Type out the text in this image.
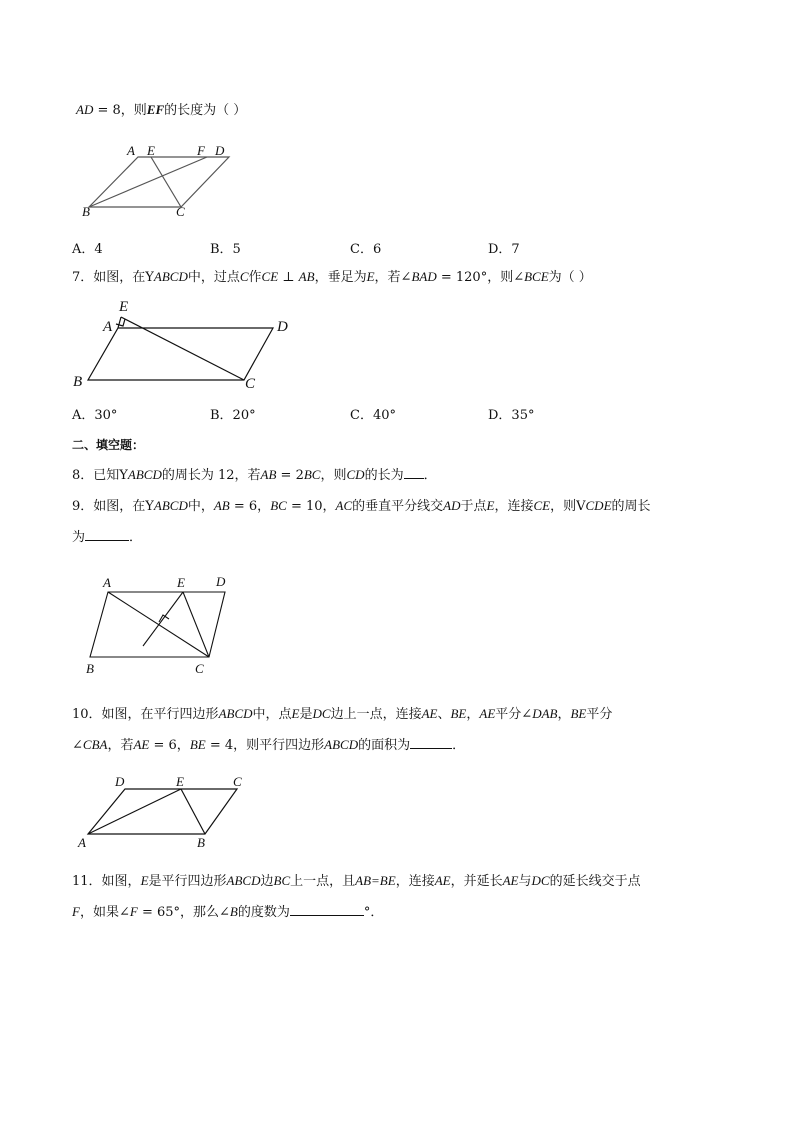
AD = 8，则EF的长度为（ ）
A E	F D
B	C
A．4	B．5	C．6	D．7
7．如图，在YABCD中，过点C作CE ⊥ AB，垂足为E，若∠BAD = 120°，则∠BCE为（ ）
E
A	D
B	C
A．30°	B．20°	C．40°	D．35°
二、填空题：
8．已知YABCD的周长为 12，若AB = 2BC，则CD的长为 ．
9．如图，在YABCD中，AB = 6，BC = 10，AC的垂直平分线交AD于点E，连接CE，则VCDE的周长
为	．
A	E D
B	C
10．如图，在平行四边形ABCD中，点E是DC边上一点，连接AE、BE，AE平分∠DAB，BE平分
∠CBA，若AE = 6，BE = 4，则平行四边形ABCD的面积为	．
D	E	C
A	B
11．如图，E是平行四边形ABCD边BC上一点，且AB=BE，连接AE，并延长AE与DC的延长线交于点
F，如果∠F = 65°，那么∠B的度数为	°．
